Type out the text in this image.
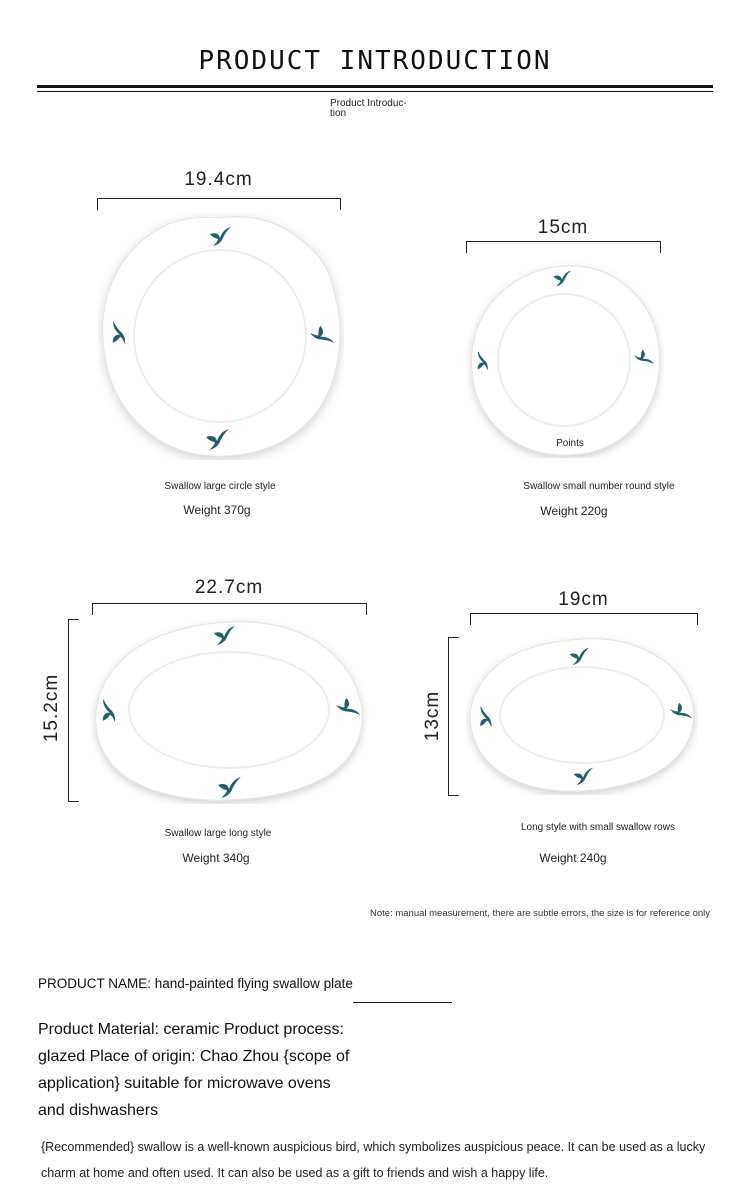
PRODUCT INTRODUCTION
Product Introduc-tion
19.4cm
Swallow large circle style
Weight 370g
15cm
Points
Swallow small number round style
Weight 220g
22.7cm
15.2cm
Swallow large long style
Weight 340g
19cm
13cm
Long style with small swallow rows
Weight 240g
Note: manual measurement, there are subtle errors, the size is for reference only
PRODUCT NAME: hand-painted flying swallow plate
Product Material: ceramic Product process: glazed Place of origin: Chao Zhou {scope of application} suitable for microwave ovens and dishwashers
{Recommended} swallow is a well-known auspicious bird, which symbolizes auspicious peace. It can be used as a lucky charm at home and often used. It can also be used as a gift to friends and wish a happy life.
